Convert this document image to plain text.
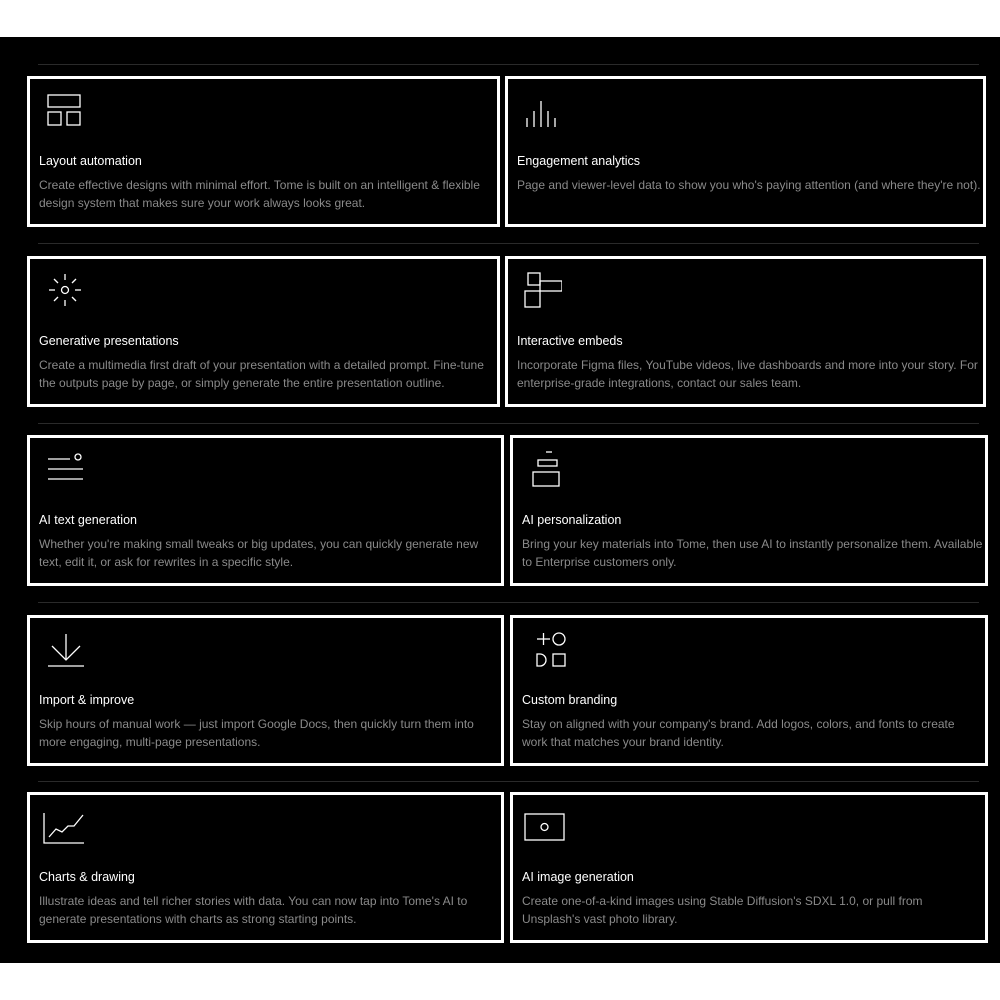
Layout automation
Create effective designs with minimal effort. Tome is built on an intelligent & flexible design system that makes sure your work always looks great.
Engagement analytics
Page and viewer-level data to show you who's paying attention (and where they're not).
Generative presentations
Create a multimedia first draft of your presentation with a detailed prompt. Fine-tune the outputs page by page, or simply generate the entire presentation outline.
Interactive embeds
Incorporate Figma files, YouTube videos, live dashboards and more into your story. For enterprise-grade integrations, contact our sales team.
AI text generation
Whether you're making small tweaks or big updates, you can quickly generate new text, edit it, or ask for rewrites in a specific style.
AI personalization
Bring your key materials into Tome, then use AI to instantly personalize them. Available to Enterprise customers only.
Import & improve
Skip hours of manual work — just import Google Docs, then quickly turn them into more engaging, multi-page presentations.
Custom branding
Stay on aligned with your company's brand. Add logos, colors, and fonts to create work that matches your brand identity.
Charts & drawing
Illustrate ideas and tell richer stories with data. You can now tap into Tome's AI to generate presentations with charts as strong starting points.
AI image generation
Create one-of-a-kind images using Stable Diffusion's SDXL 1.0, or pull from Unsplash's vast photo library.
